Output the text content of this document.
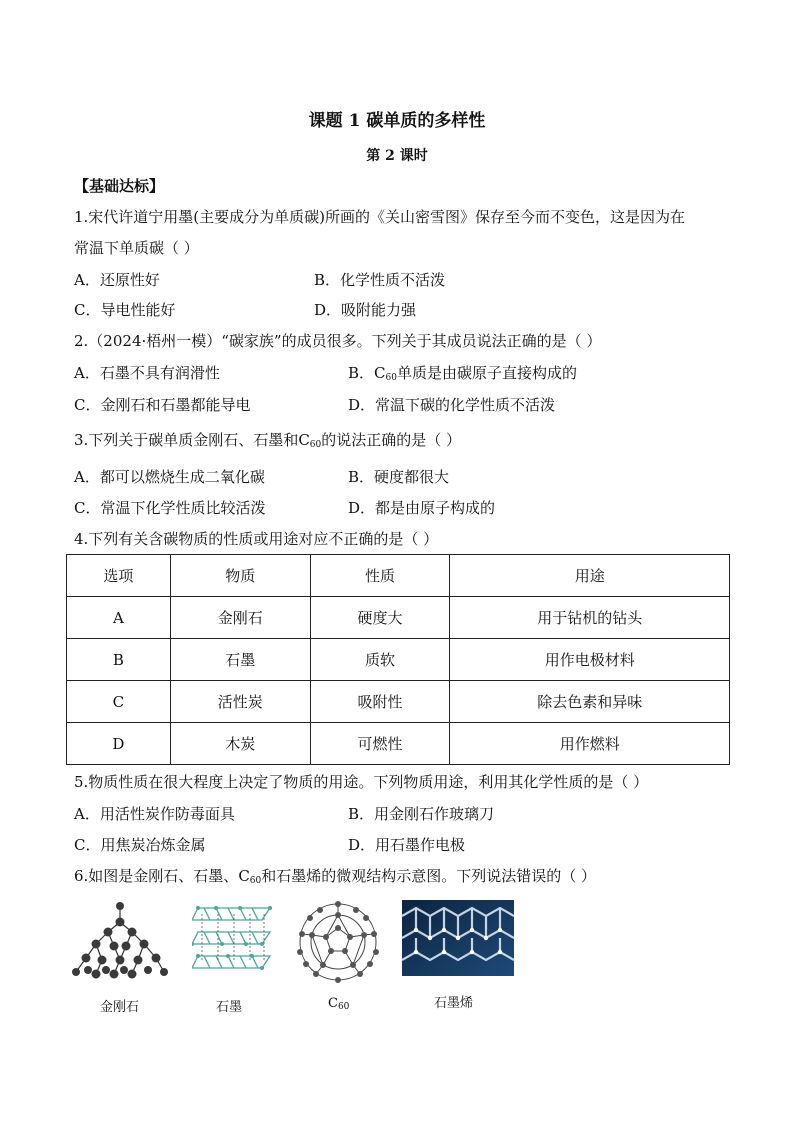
课题 1 碳单质的多样性
第 2 课时
【基础达标】
1.宋代许道宁用墨(主要成分为单质碳)所画的《关山密雪图》保存至今而不变色，这是因为在
常温下单质碳（ ）
A．还原性好	B．化学性质不活泼
C．导电性能好	D．吸附能力强
2.（2024·梧州一模）“碳家族”的成员很多。下列关于其成员说法正确的是（ ）
A．石墨不具有润滑性	B．$C_{60}$单质是由碳原子直接构成的
C．金刚石和石墨都能导电	D．常温下碳的化学性质不活泼
3.下列关于碳单质金刚石、石墨和$C_{60}$的说法正确的是（ ）
A．都可以燃烧生成二氧化碳	B．硬度都很大
C．常温下化学性质比较活泼	D．都是由原子构成的
4.下列有关含碳物质的性质或用途对应不正确的是（ ）
选项	物质	性质	用途
A	金刚石	硬度大	用于钻机的钻头
B	石墨	质软	用作电极材料
C	活性炭	吸附性	除去色素和异味
D	木炭	可燃性	用作燃料
5.物质性质在很大程度上决定了物质的用途。下列物质用途，利用其化学性质的是（ ）
A．用活性炭作防毒面具	B．用金刚石作玻璃刀
C．用焦炭冶炼金属	D．用石墨作电极
6.如图是金刚石、石墨、$C_{60}$和石墨烯的微观结构示意图。下列说法错误的（ ）
金刚石	石墨	$C_{60}$	石墨烯
